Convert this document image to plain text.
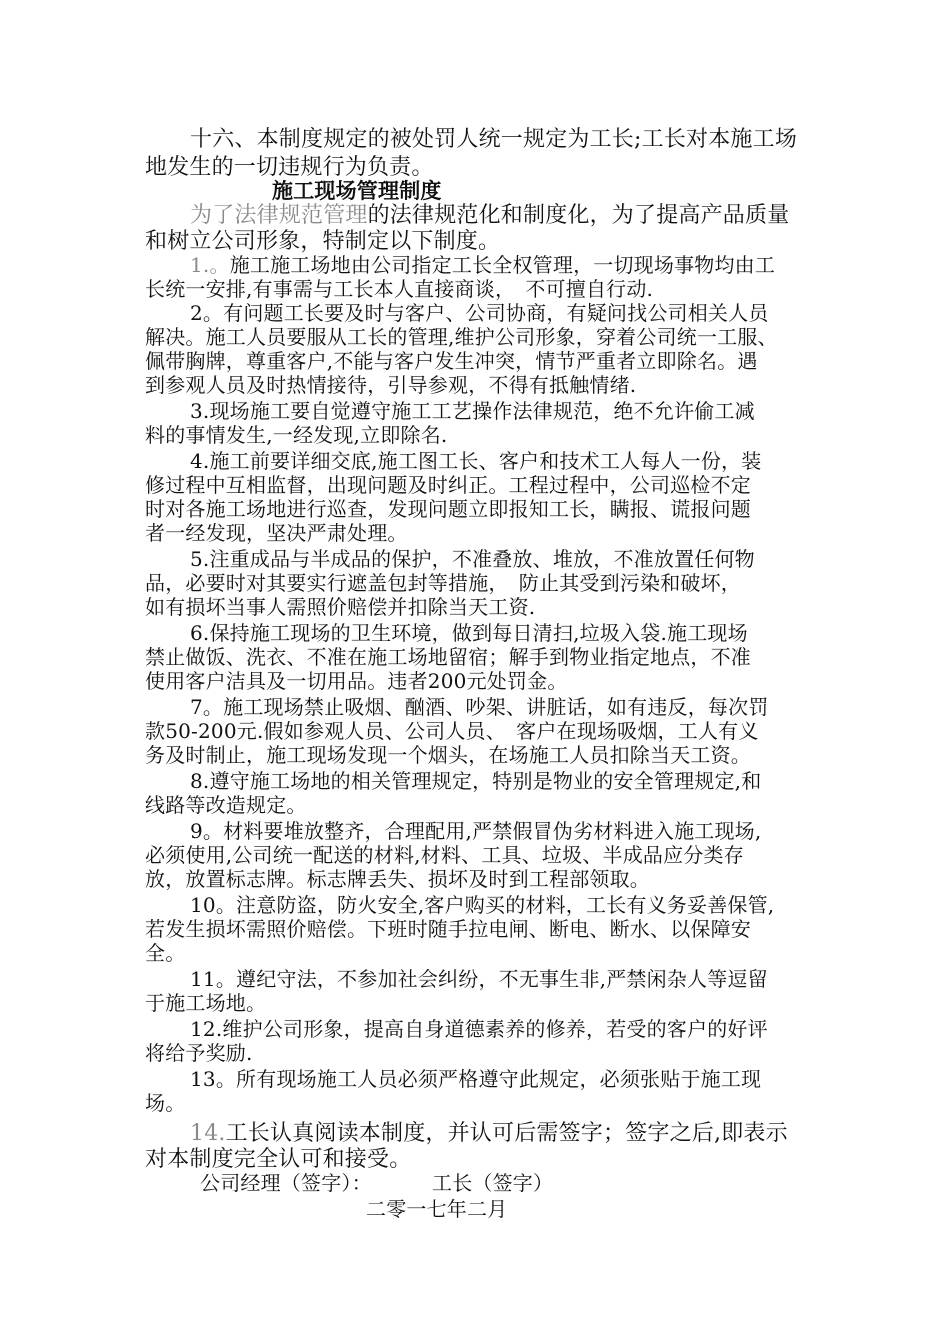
十六、本制度规定的被处罚人统一规定为工长;工长对本施工场
地发生的一切违规行为负责。
施工现场管理制度
为了法律规范管理的法律规范化和制度化，为了提高产品质量
和树立公司形象，特制定以下制度。
1.。施工施工场地由公司指定工长全权管理，一切现场事物均由工
长统一安排,有事需与工长本人直接商谈，　不可擅自行动.
2。有问题工长要及时与客户、公司协商，有疑问找公司相关人员
解决。施工人员要服从工长的管理,维护公司形象，穿着公司统一工服、
佩带胸牌，尊重客户,不能与客户发生冲突，情节严重者立即除名。遇
到参观人员及时热情接待，引导参观，不得有抵触情绪.
3.现场施工要自觉遵守施工工艺操作法律规范，绝不允许偷工减
料的事情发生,一经发现,立即除名.
4.施工前要详细交底,施工图工长、客户和技术工人每人一份，装
修过程中互相监督，出现问题及时纠正。工程过程中，公司巡检不定
时对各施工场地进行巡查，发现问题立即报知工长，瞒报、谎报问题
者一经发现，坚决严肃处理。
5.注重成品与半成品的保护，不准叠放、堆放，不准放置任何物
品，必要时对其要实行遮盖包封等措施，　防止其受到污染和破坏，
如有损坏当事人需照价赔偿并扣除当天工资.
6.保持施工现场的卫生环境，做到每日清扫,垃圾入袋.施工现场
禁止做饭、洗衣、不准在施工场地留宿；解手到物业指定地点，不准
使用客户洁具及一切用品。违者200元处罚金。
7。施工现场禁止吸烟、酗酒、吵架、讲脏话，如有违反，每次罚
款50-200元.假如参观人员、公司人员、　客户在现场吸烟，工人有义
务及时制止，施工现场发现一个烟头，在场施工人员扣除当天工资。
8.遵守施工场地的相关管理规定，特别是物业的安全管理规定,和
线路等改造规定。
9。材料要堆放整齐，合理配用,严禁假冒伪劣材料进入施工现场,
必须使用,公司统一配送的材料,材料、工具、垃圾、半成品应分类存
放，放置标志牌。标志牌丢失、损坏及时到工程部领取。
10。注意防盗，防火安全,客户购买的材料，工长有义务妥善保管,
若发生损坏需照价赔偿。下班时随手拉电闸、断电、断水、以保障安
全。
11。遵纪守法，不参加社会纠纷，不无事生非,严禁闲杂人等逗留
于施工场地。
12.维护公司形象，提高自身道德素养的修养，若受的客户的好评
将给予奖励.
13。所有现场施工人员必须严格遵守此规定，必须张贴于施工现
场。
14.工长认真阅读本制度，并认可后需签字；签字之后,即表示
对本制度完全认可和接受。
公司经理（签字）：	工长（签字）
二零一七年二月
